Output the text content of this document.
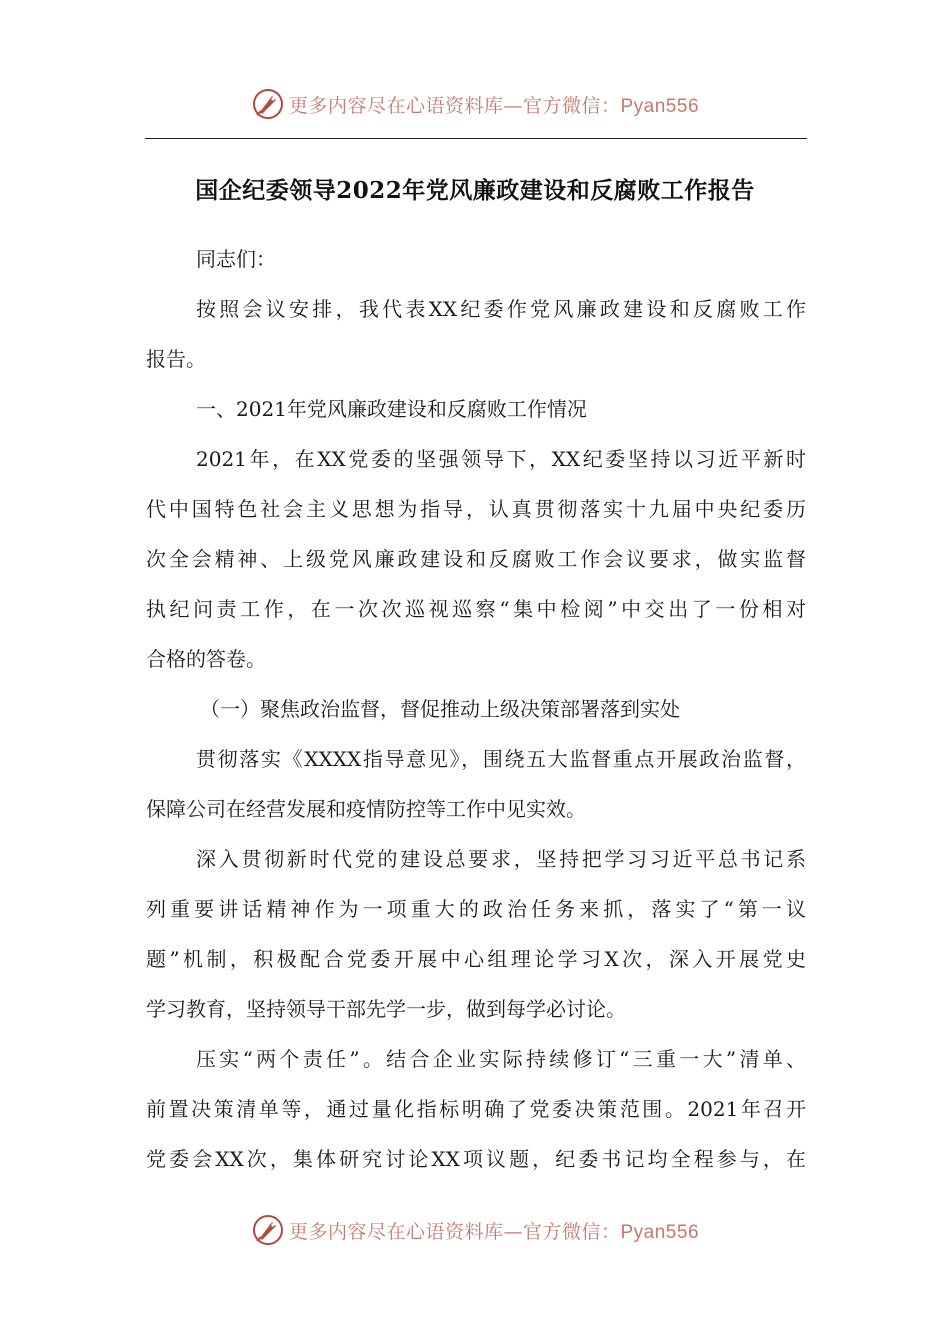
更多内容尽在心语资料库—官方微信：Pyan556
国企纪委领导2022年党风廉政建设和反腐败工作报告
同志们：
按照会议安排，我代表XX纪委作党风廉政建设和反腐败工作
报告。
一、2021年党风廉政建设和反腐败工作情况
2021年，在XX党委的坚强领导下，XX纪委坚持以习近平新时
代中国特色社会主义思想为指导，认真贯彻落实十九届中央纪委历
次全会精神、上级党风廉政建设和反腐败工作会议要求，做实监督
执纪问责工作，在一次次巡视巡察“集中检阅”中交出了一份相对
合格的答卷。
（一）聚焦政治监督，督促推动上级决策部署落到实处
贯彻落实《XXXX指导意见》，围绕五大监督重点开展政治监督，
保障公司在经营发展和疫情防控等工作中见实效。
深入贯彻新时代党的建设总要求，坚持把学习习近平总书记系
列重要讲话精神作为一项重大的政治任务来抓，落实了“第一议
题”机制，积极配合党委开展中心组理论学习X次，深入开展党史
学习教育，坚持领导干部先学一步，做到每学必讨论。
压实“两个责任”。结合企业实际持续修订“三重一大”清单、
前置决策清单等，通过量化指标明确了党委决策范围。2021年召开
党委会XX次，集体研究讨论XX项议题，纪委书记均全程参与，在
更多内容尽在心语资料库—官方微信：Pyan556
